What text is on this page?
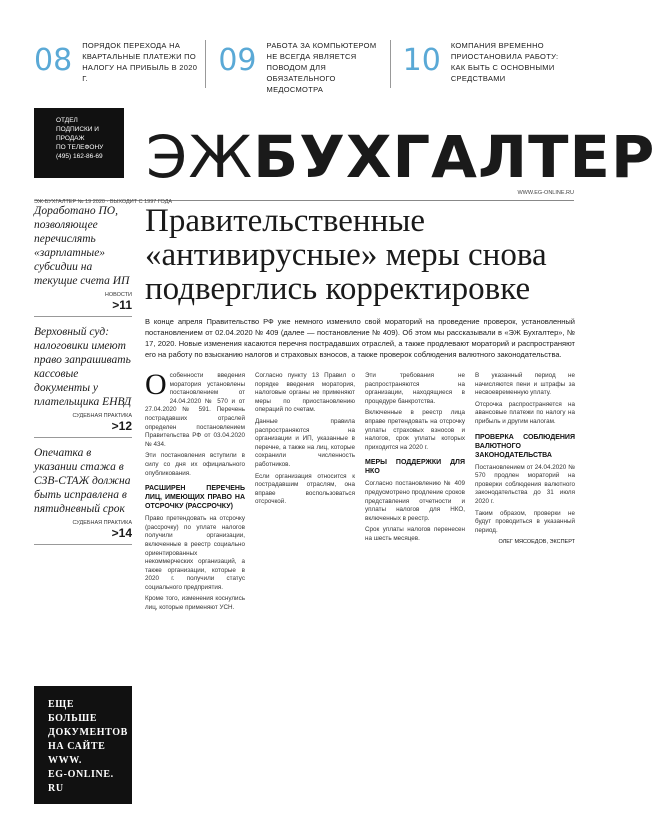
08 ПОРЯДОК ПЕРЕХОДА НА КВАРТАЛЬНЫЕ ПЛАТЕЖИ ПО НАЛОГУ НА ПРИБЫЛЬ В 2020 Г.
09 РАБОТА ЗА КОМПЬЮТЕРОМ НЕ ВСЕГДА ЯВЛЯЕТСЯ ПОВОДОМ ДЛЯ ОБЯЗАТЕЛЬНОГО МЕДОСМОТРА
10 КОМПАНИЯ ВРЕМЕННО ПРИОСТАНОВИЛА РАБОТУ: КАК БЫТЬ С ОСНОВНЫМИ СРЕДСТВАМИ
ОТДЕЛ
ПОДПИСКИ И ПРОДАЖ
ПО ТЕЛЕФОНУ
(495) 162-86-69 ЭЖБУХГАЛТЕР
ЭЖ-БУХГАЛТЕР № 19 2020 · ВЫХОДИТ С 1997 ГОДА
WWW.EG-ONLINE.RU
Доработано ПО, позволяющее перечислять «зарплатные» субсидии на текущие счета ИП
НОВОСТИ
>11
Верховный суд: налоговики имеют право запрашивать кассовые документы у плательщика ЕНВД
СУДЕБНАЯ ПРАКТИКА
>12
Опечатка в указании стажа в СЗВ-СТАЖ должна быть исправлена в пятидневный срок
СУДЕБНАЯ ПРАКТИКА
>14
ЕЩЕ
БОЛЬШЕ
ДОКУМЕНТОВ
НА САЙТЕ
WWW.
EG-ONLINE.
RU
Правительственные «антивирусные» меры снова подверглись корректировке
В конце апреля Правительство РФ уже немного изменило свой мораторий на проведение проверок, установленный постановлением от 02.04.2020 № 409 (далее — постановление № 409). Об этом мы рассказывали в «ЭЖ Бухгалтер», № 17, 2020. Новые изменения касаются перечня пострадавших отраслей, а также продлевают мораторий и распространяют его на работу по взысканию налогов и страховых взносов, а также проверок соблюдения валютного законодательства.
О собенности введения моратория установлены постановлением от 24.04.2020 № 570 и от 27.04.2020 № 591. Перечень пострадавших отраслей определен постановлением Правительства РФ от 03.04.2020 № 434.

Эти постановления вступили в силу со дня их официального опубликования.

РАСШИРЕН ПЕРЕЧЕНЬ ЛИЦ, ИМЕЮЩИХ ПРАВО НА ОТСРОЧКУ (РАССРОЧКУ)

Право претендовать на отсрочку (рассрочку) по уплате налогов получили организации, включенные в реестр социально ориентированных некоммерческих организаций, а также организации, которые в 2020 г. получили статус социального предприятия.

Кроме того, изменения коснулись лиц, которые применяют УСН.

Согласно пункту 13 Правил о порядке введения моратория, налоговые органы не применяют меры по приостановлению операций по счетам.

Данные правила распространяются на организации и ИП, указанные в перечне, а также на лиц, которые сохранили численность работников.

Если организация относится к пострадавшим отраслям, она вправе воспользоваться отсрочкой.

Эти требования не распространяются на организации, находящиеся в процедуре банкротства.

Включенные в реестр лица вправе претендовать на отсрочку уплаты страховых взносов и налогов, срок уплаты которых приходится на 2020 г.

МЕРЫ ПОДДЕРЖКИ ДЛЯ НКО

Согласно постановлению № 409 предусмотрено продление сроков представления отчетности и уплаты налогов для НКО, включенных в реестр.

Срок уплаты налогов перенесен на шесть месяцев.

В указанный период не начисляются пени и штрафы за несвоевременную уплату.

Отсрочка распространяется на авансовые платежи по налогу на прибыль и другим налогам.

ПРОВЕРКА СОБЛЮДЕНИЯ ВАЛЮТНОГО ЗАКОНОДАТЕЛЬСТВА

Постановлением от 24.04.2020 № 570 продлен мораторий на проверки соблюдения валютного законодательства до 31 июля 2020 г.

Таким образом, проверки не будут проводиться в указанный период.

ОЛЕГ МЯСОЕДОВ, ЭКСПЕРТ
